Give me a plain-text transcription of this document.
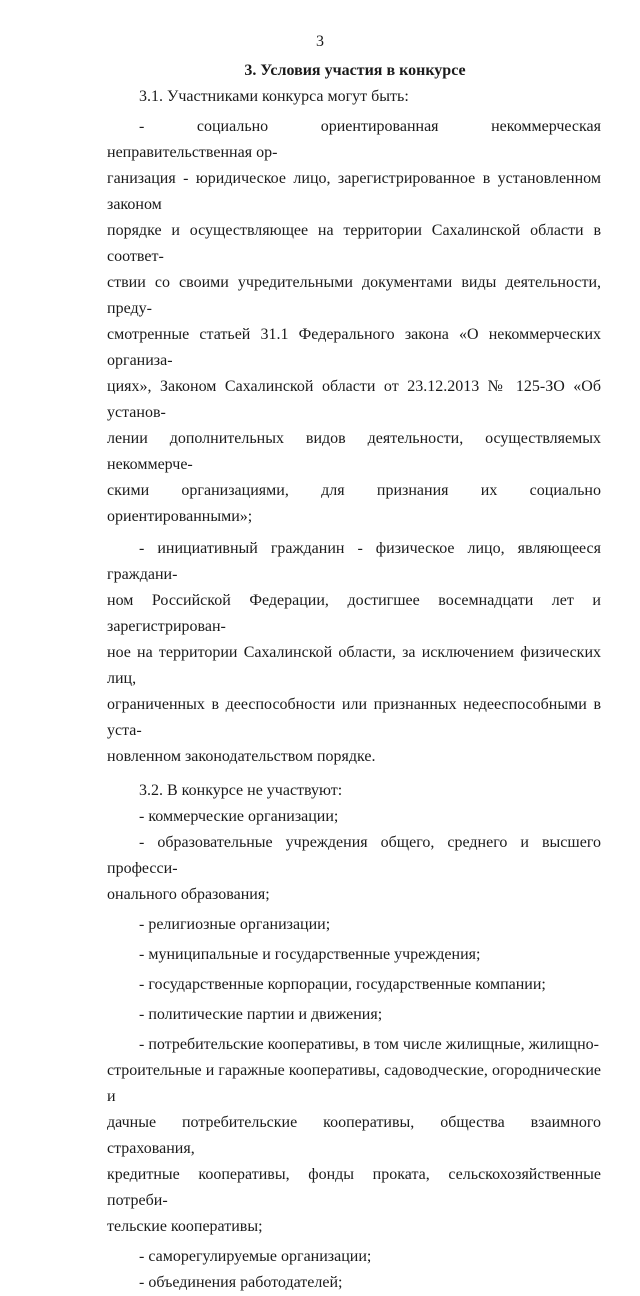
3
3. Условия участия в конкурсе

3.1. Участниками конкурса могут быть:

- социально ориентированная некоммерческая неправительственная ор-
ганизация - юридическое лицо, зарегистрированное в установленном законом
порядке и осуществляющее на территории Сахалинской области в соответ-
ствии со своими учредительными документами виды деятельности, преду-
смотренные статьей 31.1 Федерального закона «О некоммерческих организа-
циях», Законом Сахалинской области от 23.12.2013 № 125-ЗО «Об установ-
лении дополнительных видов деятельности, осуществляемых некоммерче-
скими организациями, для признания их социально ориентированными»;

- инициативный гражданин - физическое лицо, являющееся граждани-
ном Российской Федерации, достигшее восемнадцати лет и зарегистрирован-
ное на территории Сахалинской области, за исключением физических лиц,
ограниченных в дееспособности или признанных недееспособными в уста-
новленном законодательством порядке.

3.2. В конкурсе не участвуют:

- коммерческие организации;

- образовательные учреждения общего, среднего и высшего професси-
онального образования;

- религиозные организации;

- муниципальные и государственные учреждения;

- государственные корпорации, государственные компании;

- политические партии и движения;

- потребительские кооперативы, в том числе жилищные, жилищно-
строительные и гаражные кооперативы, садоводческие, огороднические и
дачные потребительские кооперативы, общества взаимного страхования,
кредитные кооперативы, фонды проката, сельскохозяйственные потреби-
тельские кооперативы;

- саморегулируемые организации;

- объединения работодателей;
